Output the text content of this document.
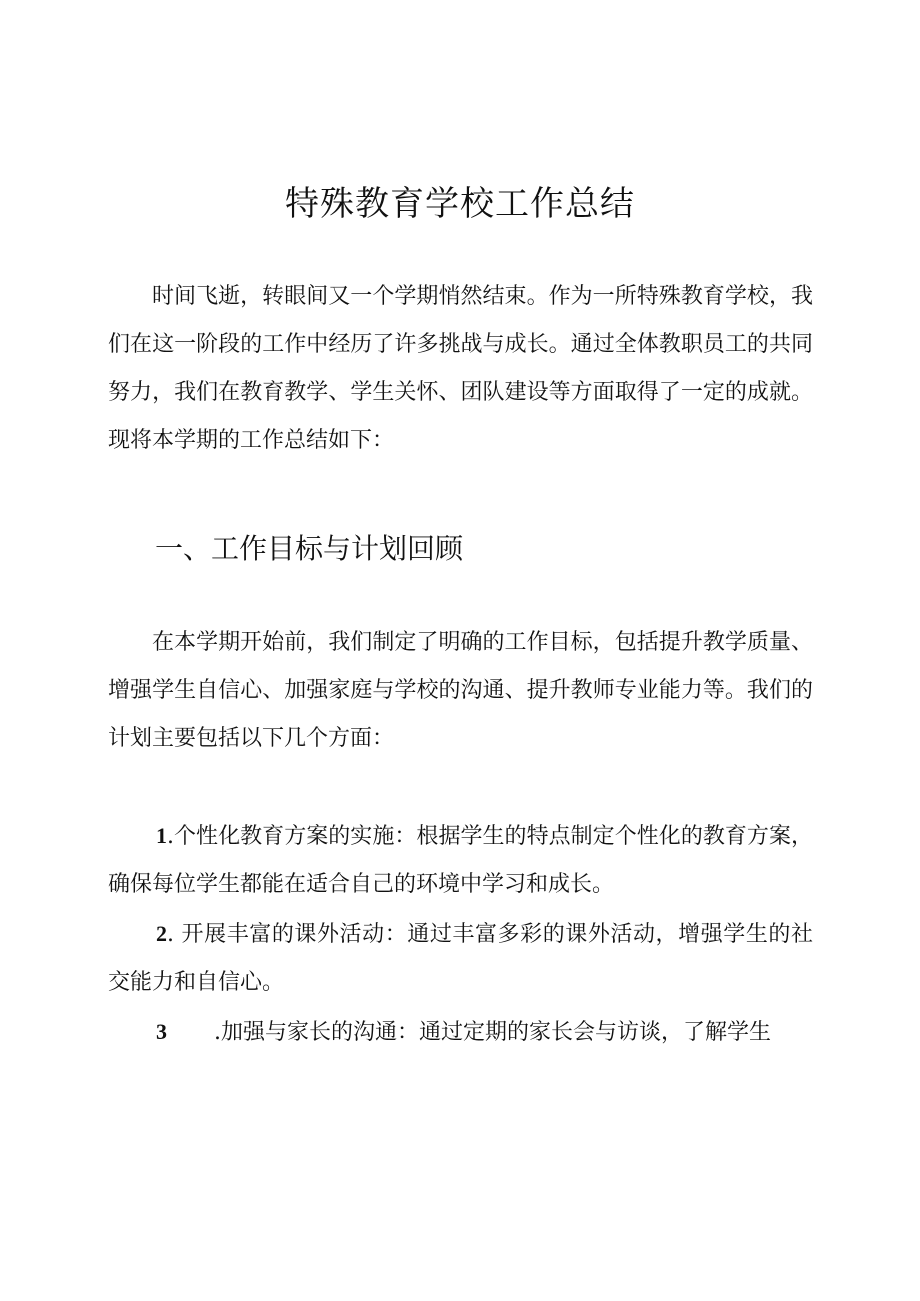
特殊教育学校工作总结

时间飞逝，转眼间又一个学期悄然结束。作为一所特殊教育学校，我们在这一阶段的工作中经历了许多挑战与成长。通过全体教职员工的共同努力，我们在教育教学、学生关怀、团队建设等方面取得了一定的成就。现将本学期的工作总结如下：

一、工作目标与计划回顾

在本学期开始前，我们制定了明确的工作目标，包括提升教学质量、增强学生自信心、加强家庭与学校的沟通、提升教师专业能力等。我们的计划主要包括以下几个方面：

1.个性化教育方案的实施：根据学生的特点制定个性化的教育方案，确保每位学生都能在适合自己的环境中学习和成长。

2. 开展丰富的课外活动：通过丰富多彩的课外活动，增强学生的社交能力和自信心。

3 .加强与家长的沟通：通过定期的家长会与访谈，了解学生
